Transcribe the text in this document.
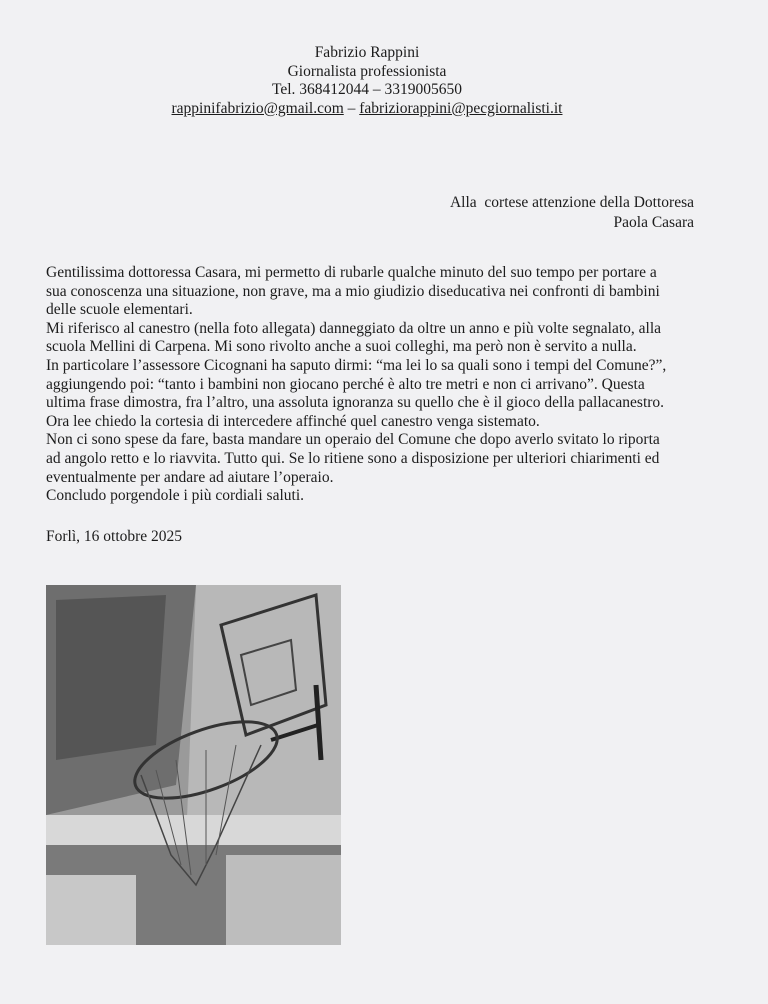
Fabrizio Rappini
Giornalista professionista
Tel. 368412044 – 3319005650
rappinifabrizio@gmail.com – fabriziorappini@pecgiornalisti.it
Alla  cortese attenzione della Dottoresa
Paola Casara
Gentilissima dottoressa Casara, mi permetto di rubarle qualche minuto del suo tempo per portare a
sua conoscenza una situazione, non grave, ma a mio giudizio diseducativa nei confronti di bambini
delle scuole elementari.
Mi riferisco al canestro (nella foto allegata) danneggiato da oltre un anno e più volte segnalato, alla
scuola Mellini di Carpena. Mi sono rivolto anche a suoi colleghi, ma però non è servito a nulla.
In particolare l’assessore Cicognani ha saputo dirmi: “ma lei lo sa quali sono i tempi del Comune?”,
aggiungendo poi: “tanto i bambini non giocano perché è alto tre metri e non ci arrivano”. Questa
ultima frase dimostra, fra l’altro, una assoluta ignoranza su quello che è il gioco della pallacanestro.
Ora lee chiedo la cortesia di intercedere affinché quel canestro venga sistemato.
Non ci sono spese da fare, basta mandare un operaio del Comune che dopo averlo svitato lo riporta
ad angolo retto e lo riavvita. Tutto qui. Se lo ritiene sono a disposizione per ulteriori chiarimenti ed
eventualmente per andare ad aiutare l’operaio.
Concludo porgendole i più cordiali saluti.
Forlì, 16 ottobre 2025
